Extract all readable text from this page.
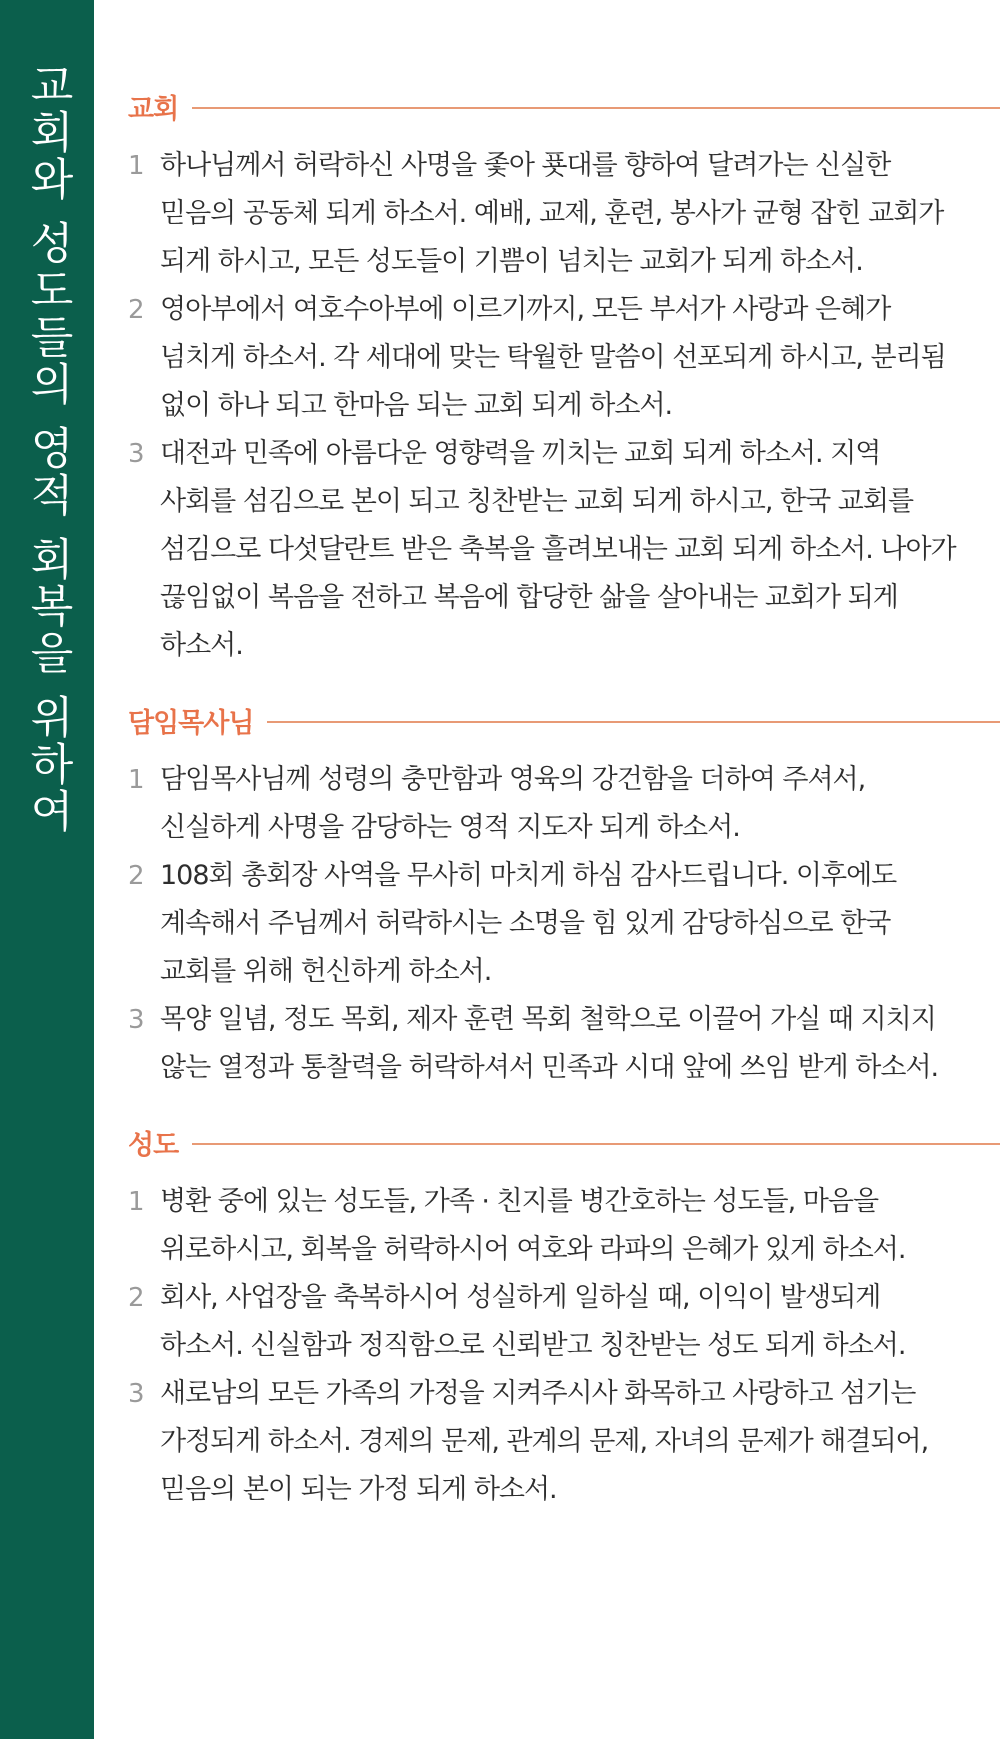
교회와 성도들의 영적 회복을 위하여 교회
1 하나님께서 허락하신 사명을 좇아 푯대를 향하여 달려가는 신실한 믿음의 공동체 되게 하소서. 예배, 교제, 훈련, 봉사가 균형 잡힌 교회가 되게 하시고, 모든 성도들이 기쁨이 넘치는 교회가 되게 하소서.
2 영아부에서 여호수아부에 이르기까지, 모든 부서가 사랑과 은혜가 넘치게 하소서. 각 세대에 맞는 탁월한 말씀이 선포되게 하시고, 분리됨 없이 하나 되고 한마음 되는 교회 되게 하소서.
3 대전과 민족에 아름다운 영향력을 끼치는 교회 되게 하소서. 지역 사회를 섬김으로 본이 되고 칭찬받는 교회 되게 하시고, 한국 교회를 섬김으로 다섯달란트 받은 축복을 흘려보내는 교회 되게 하소서. 나아가 끊임없이 복음을 전하고 복음에 합당한 삶을 살아내는 교회가 되게 하소서.
담임목사님
1 담임목사님께 성령의 충만함과 영육의 강건함을 더하여 주셔서, 신실하게 사명을 감당하는 영적 지도자 되게 하소서.
2 108회 총회장 사역을 무사히 마치게 하심 감사드립니다. 이후에도 계속해서 주님께서 허락하시는 소명을 힘 있게 감당하심으로 한국 교회를 위해 헌신하게 하소서.
3 목양 일념, 정도 목회, 제자 훈련 목회 철학으로 이끌어 가실 때 지치지 않는 열정과 통찰력을 허락하셔서 민족과 시대 앞에 쓰임 받게 하소서.
성도
1 병환 중에 있는 성도들, 가족 · 친지를 병간호하는 성도들, 마음을 위로하시고, 회복을 허락하시어 여호와 라파의 은혜가 있게 하소서.
2 회사, 사업장을 축복하시어 성실하게 일하실 때, 이익이 발생되게 하소서. 신실함과 정직함으로 신뢰받고 칭찬받는 성도 되게 하소서.
3 새로남의 모든 가족의 가정을 지켜주시사 화목하고 사랑하고 섬기는 가정되게 하소서. 경제의 문제, 관계의 문제, 자녀의 문제가 해결되어, 믿음의 본이 되는 가정 되게 하소서.
